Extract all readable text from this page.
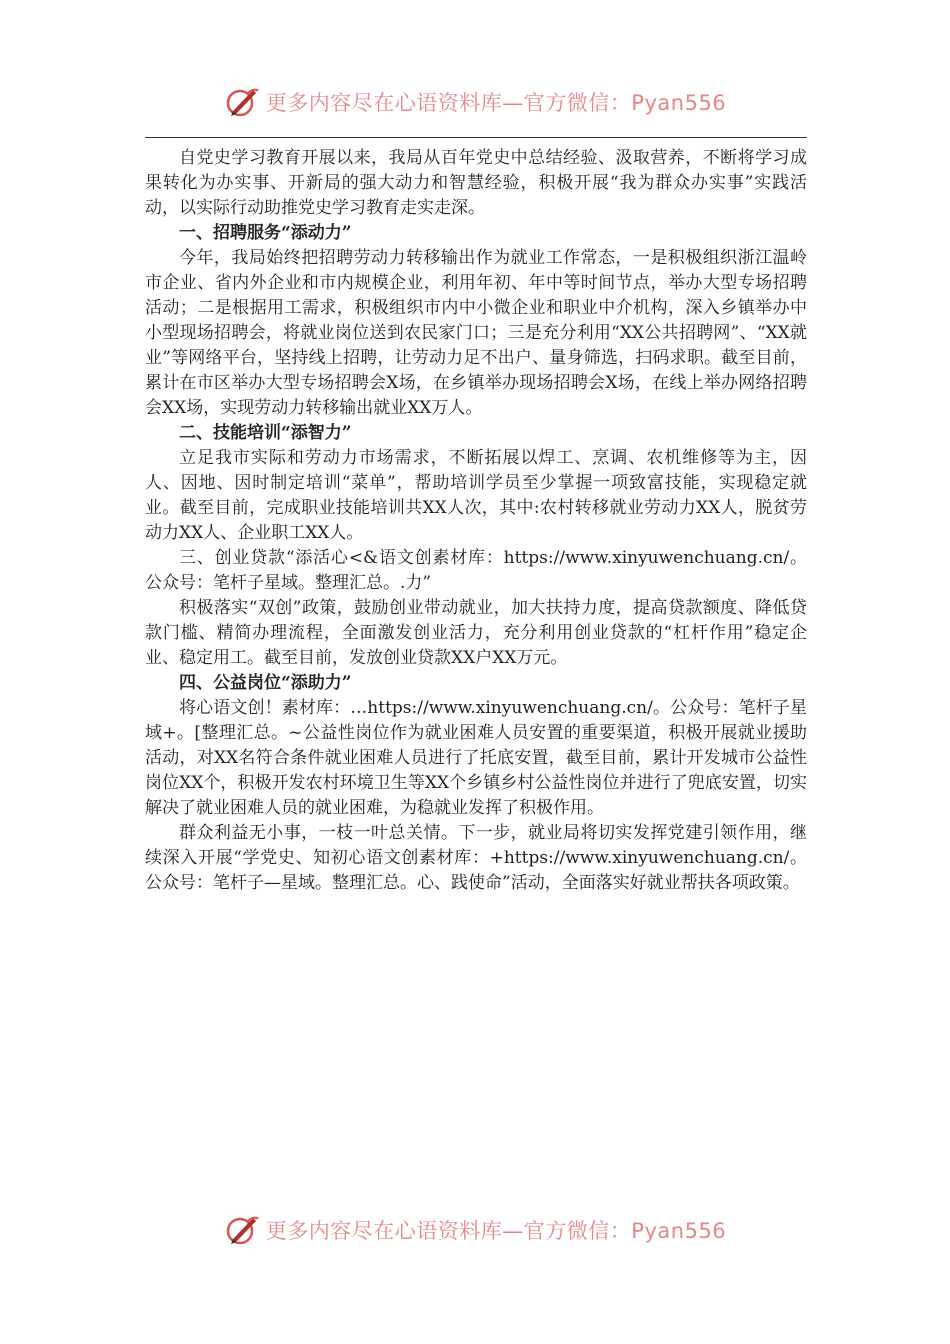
更多内容尽在心语资料库—官方微信：Pyan556

自党史学习教育开展以来，我局从百年党史中总结经验、汲取营养，不断将学习成果转化为办实事、开新局的强大动力和智慧经验，积极开展“我为群众办实事”实践活动，以实际行动助推党史学习教育走实走深。

一、招聘服务“添动力”

今年，我局始终把招聘劳动力转移输出作为就业工作常态，一是积极组织浙江温岭市企业、省内外企业和市内规模企业，利用年初、年中等时间节点，举办大型专场招聘活动；二是根据用工需求，积极组织市内中小微企业和职业中介机构，深入乡镇举办中小型现场招聘会，将就业岗位送到农民家门口；三是充分利用“XX公共招聘网”、“XX就业”等网络平台，坚持线上招聘，让劳动力足不出户、量身筛选，扫码求职。截至目前，累计在市区举办大型专场招聘会X场，在乡镇举办现场招聘会X场，在线上举办网络招聘会XX场，实现劳动力转移输出就业XX万人。

二、技能培训“添智力”

立足我市实际和劳动力市场需求，不断拓展以焊工、烹调、农机维修等为主，因人、因地、因时制定培训“菜单”，帮助培训学员至少掌握一项致富技能，实现稳定就业。截至目前，完成职业技能培训共XX人次，其中:农村转移就业劳动力XX人，脱贫劳动力XX人、企业职工XX人。

三、创业贷款“添活心<&语文创素材库：https://www.xinyuwenchuang.cn/。公众号：笔杆子星域。整理汇总。.力”

积极落实“双创”政策，鼓励创业带动就业，加大扶持力度，提高贷款额度、降低贷款门槛、精简办理流程，全面激发创业活力，充分利用创业贷款的“杠杆作用”稳定企业、稳定用工。截至目前，发放创业贷款XX户XX万元。

四、公益岗位“添助力”

将心语文创！素材库：…https://www.xinyuwenchuang.cn/。公众号：笔杆子星域+。[整理汇总。~公益性岗位作为就业困难人员安置的重要渠道，积极开展就业援助活动，对XX名符合条件就业困难人员进行了托底安置，截至目前，累计开发城市公益性岗位XX个，积极开发农村环境卫生等XX个乡镇乡村公益性岗位并进行了兜底安置，切实解决了就业困难人员的就业困难，为稳就业发挥了积极作用。

群众利益无小事，一枝一叶总关情。下一步，就业局将切实发挥党建引领作用，继续深入开展“学党史、知初心语文创素材库：+https://www.xinyuwenchuang.cn/。公众号：笔杆子—星域。整理汇总。心、践使命”活动，全面落实好就业帮扶各项政策。

更多内容尽在心语资料库—官方微信：Pyan556
